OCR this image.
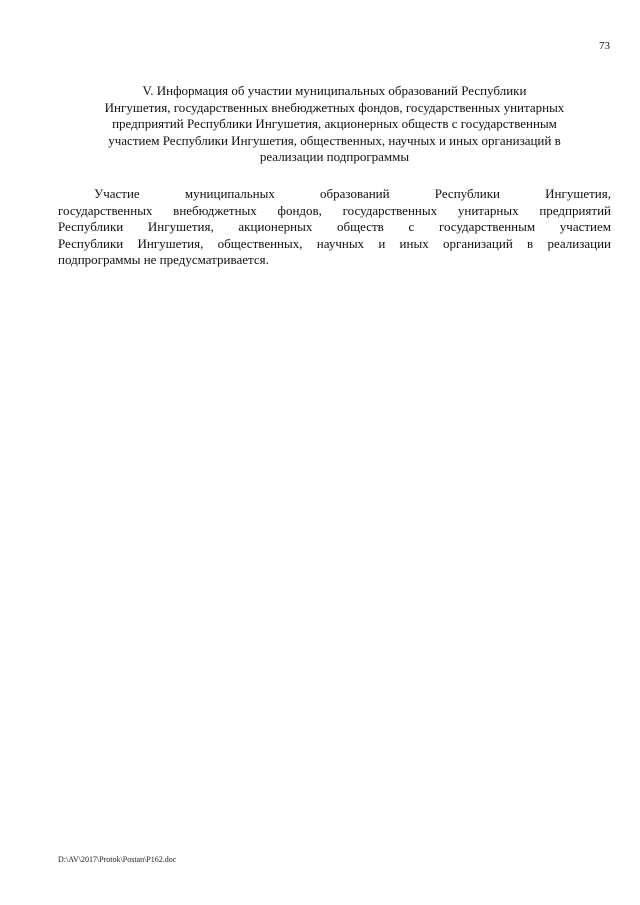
73
V. Информация об участии муниципальных образований Республики
Ингушетия, государственных внебюджетных фондов, государственных унитарных
предприятий Республики Ингушетия, акционерных обществ с государственным
участием Республики Ингушетия, общественных, научных и иных организаций в
реализации подпрограммы
Участие муниципальных образований Республики Ингушетия,
государственных внебюджетных фондов, государственных унитарных предприятий
Республики Ингушетия, акционерных обществ с государственным участием
Республики Ингушетия, общественных, научных и иных организаций в реализации
подпрограммы не предусматривается.
D:\AV\2017\Protok\Postan\P162.doc
